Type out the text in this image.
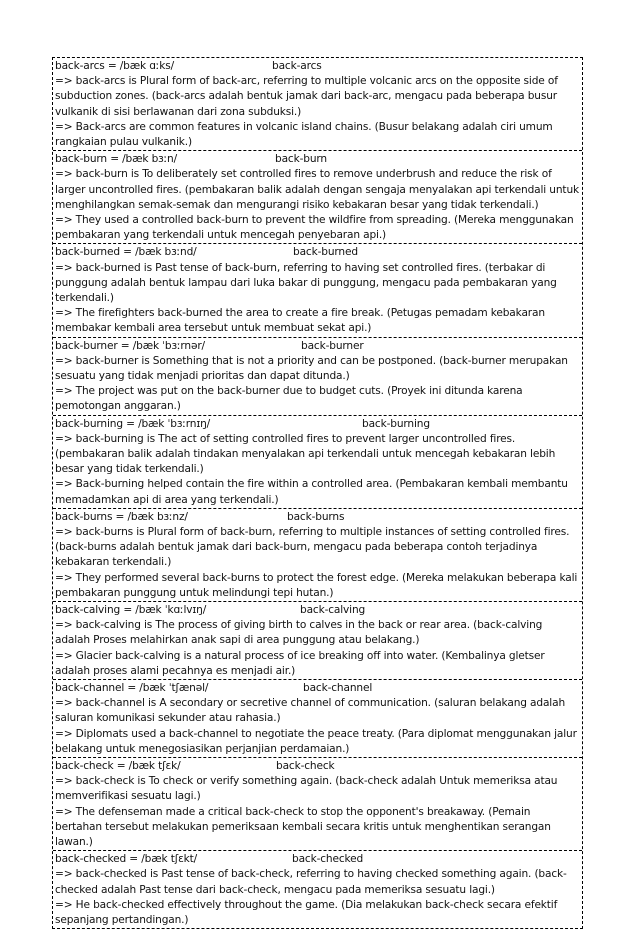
back-arcs = /bæk ɑːks/	back-arcs
=> back-arcs is Plural form of back-arc, referring to multiple volcanic arcs on the opposite side of subduction zones. (back-arcs adalah bentuk jamak dari back-arc, mengacu pada beberapa busur vulkanik di sisi berlawanan dari zona subduksi.)
=> Back-arcs are common features in volcanic island chains. (Busur belakang adalah ciri umum rangkaian pulau vulkanik.)
back-burn = /bæk bɜːn/	back-burn
=> back-burn is To deliberately set controlled fires to remove underbrush and reduce the risk of larger uncontrolled fires. (pembakaran balik adalah dengan sengaja menyalakan api terkendali untuk menghilangkan semak-semak dan mengurangi risiko kebakaran besar yang tidak terkendali.)
=> They used a controlled back-burn to prevent the wildfire from spreading. (Mereka menggunakan pembakaran yang terkendali untuk mencegah penyebaran api.)
back-burned = /bæk bɜːnd/	back-burned
=> back-burned is Past tense of back-burn, referring to having set controlled fires. (terbakar di punggung adalah bentuk lampau dari luka bakar di punggung, mengacu pada pembakaran yang terkendali.)
=> The firefighters back-burned the area to create a fire break. (Petugas pemadam kebakaran membakar kembali area tersebut untuk membuat sekat api.)
back-burner = /bæk ˈbɜːrnər/	back-burner
=> back-burner is Something that is not a priority and can be postponed. (back-burner merupakan sesuatu yang tidak menjadi prioritas dan dapat ditunda.)
=> The project was put on the back-burner due to budget cuts. (Proyek ini ditunda karena pemotongan anggaran.)
back-burning = /bæk ˈbɜːrnɪŋ/	back-burning
=> back-burning is The act of setting controlled fires to prevent larger uncontrolled fires. (pembakaran balik adalah tindakan menyalakan api terkendali untuk mencegah kebakaran lebih besar yang tidak terkendali.)
=> Back-burning helped contain the fire within a controlled area. (Pembakaran kembali membantu memadamkan api di area yang terkendali.)
back-burns = /bæk bɜːnz/	back-burns
=> back-burns is Plural form of back-burn, referring to multiple instances of setting controlled fires. (back-burns adalah bentuk jamak dari back-burn, mengacu pada beberapa contoh terjadinya kebakaran terkendali.)
=> They performed several back-burns to protect the forest edge. (Mereka melakukan beberapa kali pembakaran punggung untuk melindungi tepi hutan.)
back-calving = /bæk ˈkɑːlvɪŋ/	back-calving
=> back-calving is The process of giving birth to calves in the back or rear area. (back-calving adalah Proses melahirkan anak sapi di area punggung atau belakang.)
=> Glacier back-calving is a natural process of ice breaking off into water. (Kembalinya gletser adalah proses alami pecahnya es menjadi air.)
back-channel = /bæk ˈtʃænəl/	back-channel
=> back-channel is A secondary or secretive channel of communication. (saluran belakang adalah saluran komunikasi sekunder atau rahasia.)
=> Diplomats used a back-channel to negotiate the peace treaty. (Para diplomat menggunakan jalur belakang untuk menegosiasikan perjanjian perdamaian.)
back-check = /bæk tʃɛk/	back-check
=> back-check is To check or verify something again. (back-check adalah Untuk memeriksa atau memverifikasi sesuatu lagi.)
=> The defenseman made a critical back-check to stop the opponent's breakaway. (Pemain bertahan tersebut melakukan pemeriksaan kembali secara kritis untuk menghentikan serangan lawan.)
back-checked = /bæk tʃɛkt/	back-checked
=> back-checked is Past tense of back-check, referring to having checked something again. (back-checked adalah Past tense dari back-check, mengacu pada memeriksa sesuatu lagi.)
=> He back-checked effectively throughout the game. (Dia melakukan back-check secara efektif sepanjang pertandingan.)
